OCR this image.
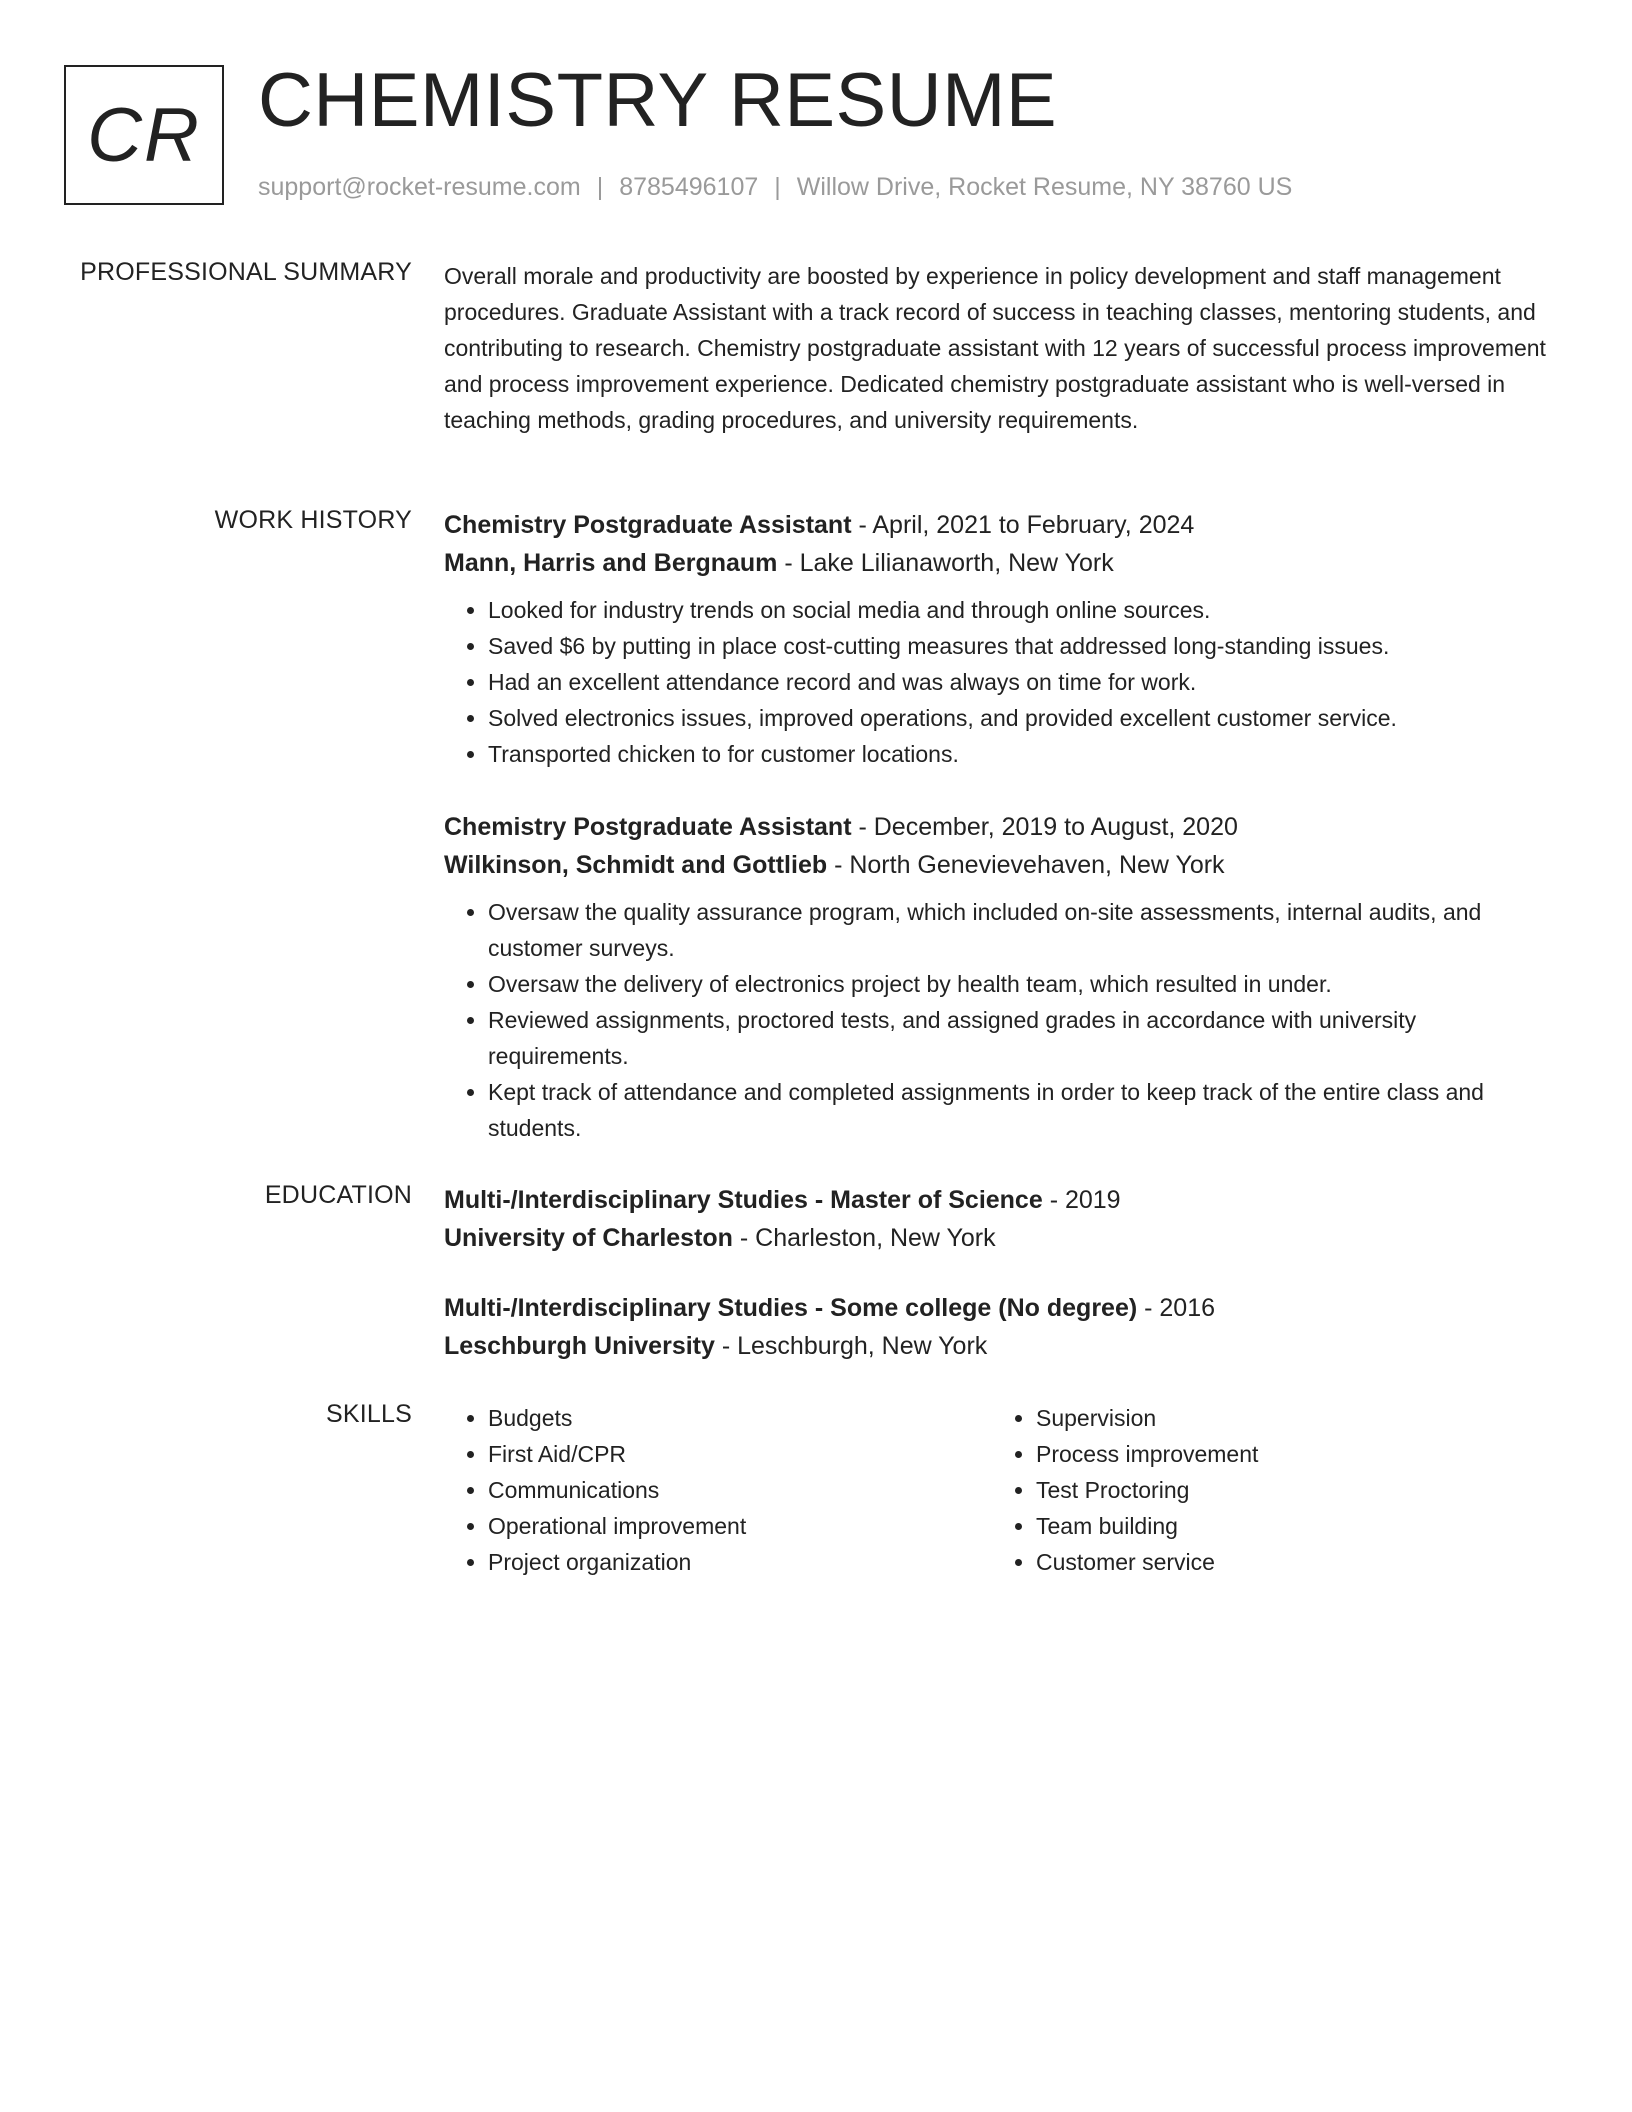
CR CHEMISTRY RESUME
support@rocket-resume.com | 8785496107 | Willow Drive, Rocket Resume, NY 38760 US
PROFESSIONAL SUMMARY Overall morale and productivity are boosted by experience in policy development and staff management procedures. Graduate Assistant with a track record of success in teaching classes, mentoring students, and contributing to research. Chemistry postgraduate assistant with 12 years of successful process improvement and process improvement experience. Dedicated chemistry postgraduate assistant who is well-versed in teaching methods, grading procedures, and university requirements.

WORK HISTORY Chemistry Postgraduate Assistant - April, 2021 to February, 2024
Mann, Harris and Bergnaum - Lake Lilianaworth, New York
• Looked for industry trends on social media and through online sources.
• Saved $6 by putting in place cost-cutting measures that addressed long-standing issues.
• Had an excellent attendance record and was always on time for work.
• Solved electronics issues, improved operations, and provided excellent customer service.
• Transported chicken to for customer locations.
Chemistry Postgraduate Assistant - December, 2019 to August, 2020
Wilkinson, Schmidt and Gottlieb - North Genevievehaven, New York
• Oversaw the quality assurance program, which included on-site assessments, internal audits, and customer surveys.
• Oversaw the delivery of electronics project by health team, which resulted in under.
• Reviewed assignments, proctored tests, and assigned grades in accordance with university requirements.
• Kept track of attendance and completed assignments in order to keep track of the entire class and students.
EDUCATION Multi-/Interdisciplinary Studies - Master of Science - 2019
University of Charleston - Charleston, New York
Multi-/Interdisciplinary Studies - Some college (No degree) - 2016
Leschburgh University - Leschburgh, New York
SKILLS
•	Budgets
• First Aid/CPR
• Communications
• Operational improvement
• Project organization
• Supervision
• Process improvement
• Test Proctoring
• Team building
• Customer service
